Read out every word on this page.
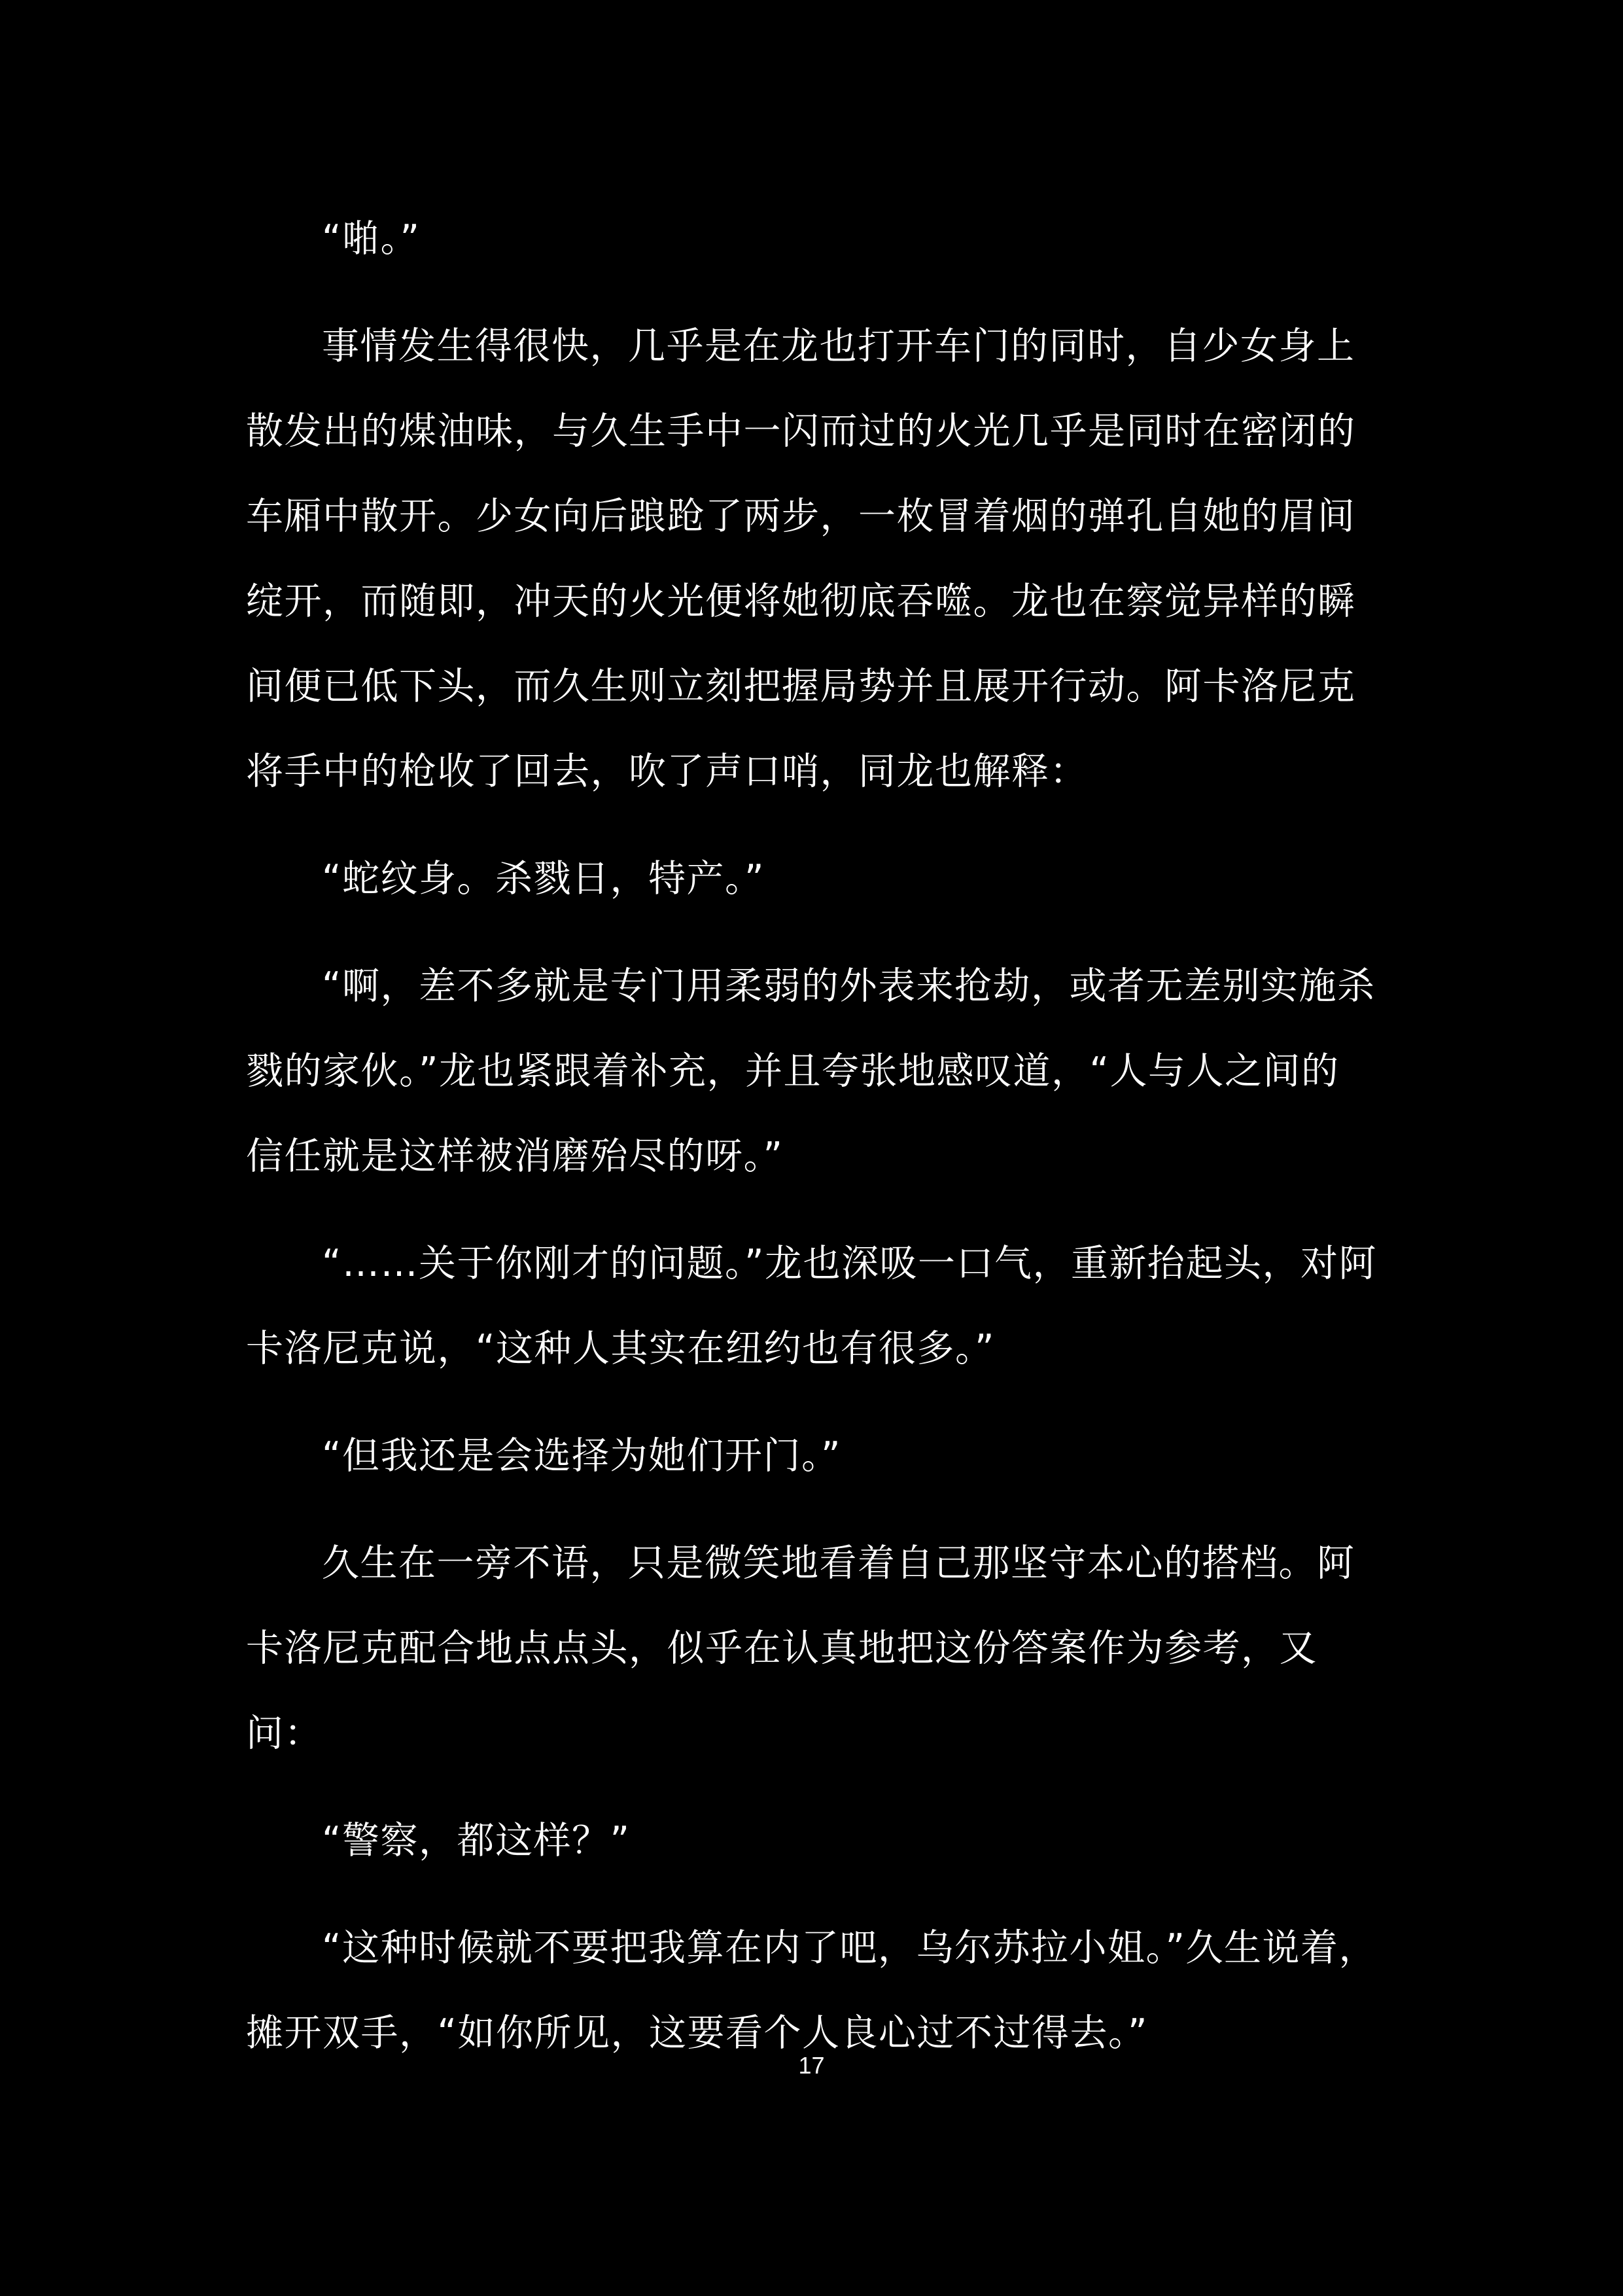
“啪。”

事情发生得很快，几乎是在龙也打开车门的同时，自少女身上散发出的煤油味，与久生手中一闪而过的火光几乎是同时在密闭的车厢中散开。少女向后踉跄了两步，一枚冒着烟的弹孔自她的眉间绽开，而随即，冲天的火光便将她彻底吞噬。龙也在察觉异样的瞬间便已低下头，而久生则立刻把握局势并且展开行动。阿卡洛尼克将手中的枪收了回去，吹了声口哨，同龙也解释：

“蛇纹身。杀戮日，特产。”

“啊，差不多就是专门用柔弱的外表来抢劫，或者无差别实施杀戮的家伙。”龙也紧跟着补充，并且夸张地感叹道，“人与人之间的信任就是这样被消磨殆尽的呀。”

“……关于你刚才的问题。”龙也深吸一口气，重新抬起头，对阿卡洛尼克说，“这种人其实在纽约也有很多。”

“但我还是会选择为她们开门。”

久生在一旁不语，只是微笑地看着自己那坚守本心的搭档。阿卡洛尼克配合地点点头，似乎在认真地把这份答案作为参考，又问：

“警察，都这样？”

“这种时候就不要把我算在内了吧，乌尔苏拉小姐。”久生说着，摊开双手，“如你所见，这要看个人良心过不过得去。”

17
